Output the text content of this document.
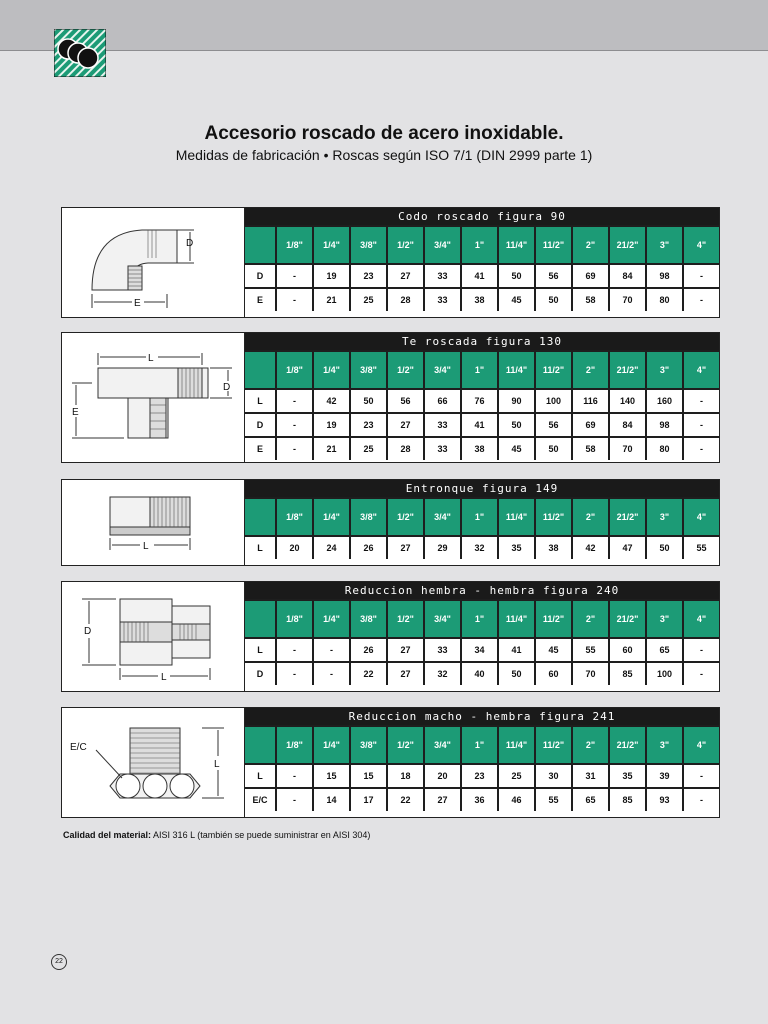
Accesorio roscado de acero inoxidable.
Medidas de fabricación • Roscas según ISO 7/1 (DIN 2999 parte 1)
D
E
Codo roscado figura 90
1/8"	1/4"	3/8"	1/2"	3/4"	1"	11/4"	11/2"	2"	21/2"	3"	4"
D	-	19	23	27	33	41	50	56	69	84	98	-
E	-	21	25	28	33	38	45	50	58	70	80	-
L
D
E
Te roscada figura 130
1/8"	1/4"	3/8"	1/2"	3/4"	1"	11/4"	11/2"	2"	21/2"	3"	4"
L	-	42	50	56	66	76	90	100	116	140	160	-
D	-	19	23	27	33	41	50	56	69	84	98	-
E	-	21	25	28	33	38	45	50	58	70	80	-
L
Entronque figura 149
1/8"	1/4"	3/8"	1/2"	3/4"	1"	11/4"	11/2"	2"	21/2"	3"	4"
L	20	24	26	27	29	32	35	38	42	47	50	55
D
L
Reduccion hembra - hembra figura 240
1/8"	1/4"	3/8"	1/2"	3/4"	1"	11/4"	11/2"	2"	21/2"	3"	4"
L	-	-	26	27	33	34	41	45	55	60	65	-
D	-	-	22	27	32	40	50	60	70	85	100	-
E/C
L
Reduccion macho - hembra figura 241
1/8"	1/4"	3/8"	1/2"	3/4"	1"	11/4"	11/2"	2"	21/2"	3"	4"
L	-	15	15	18	20	23	25	30	31	35	39	-
E/C	-	14	17	22	27	36	46	55	65	85	93	-
Calidad del material: AISI 316 L (también se puede suministrar en AISI 304)
22
